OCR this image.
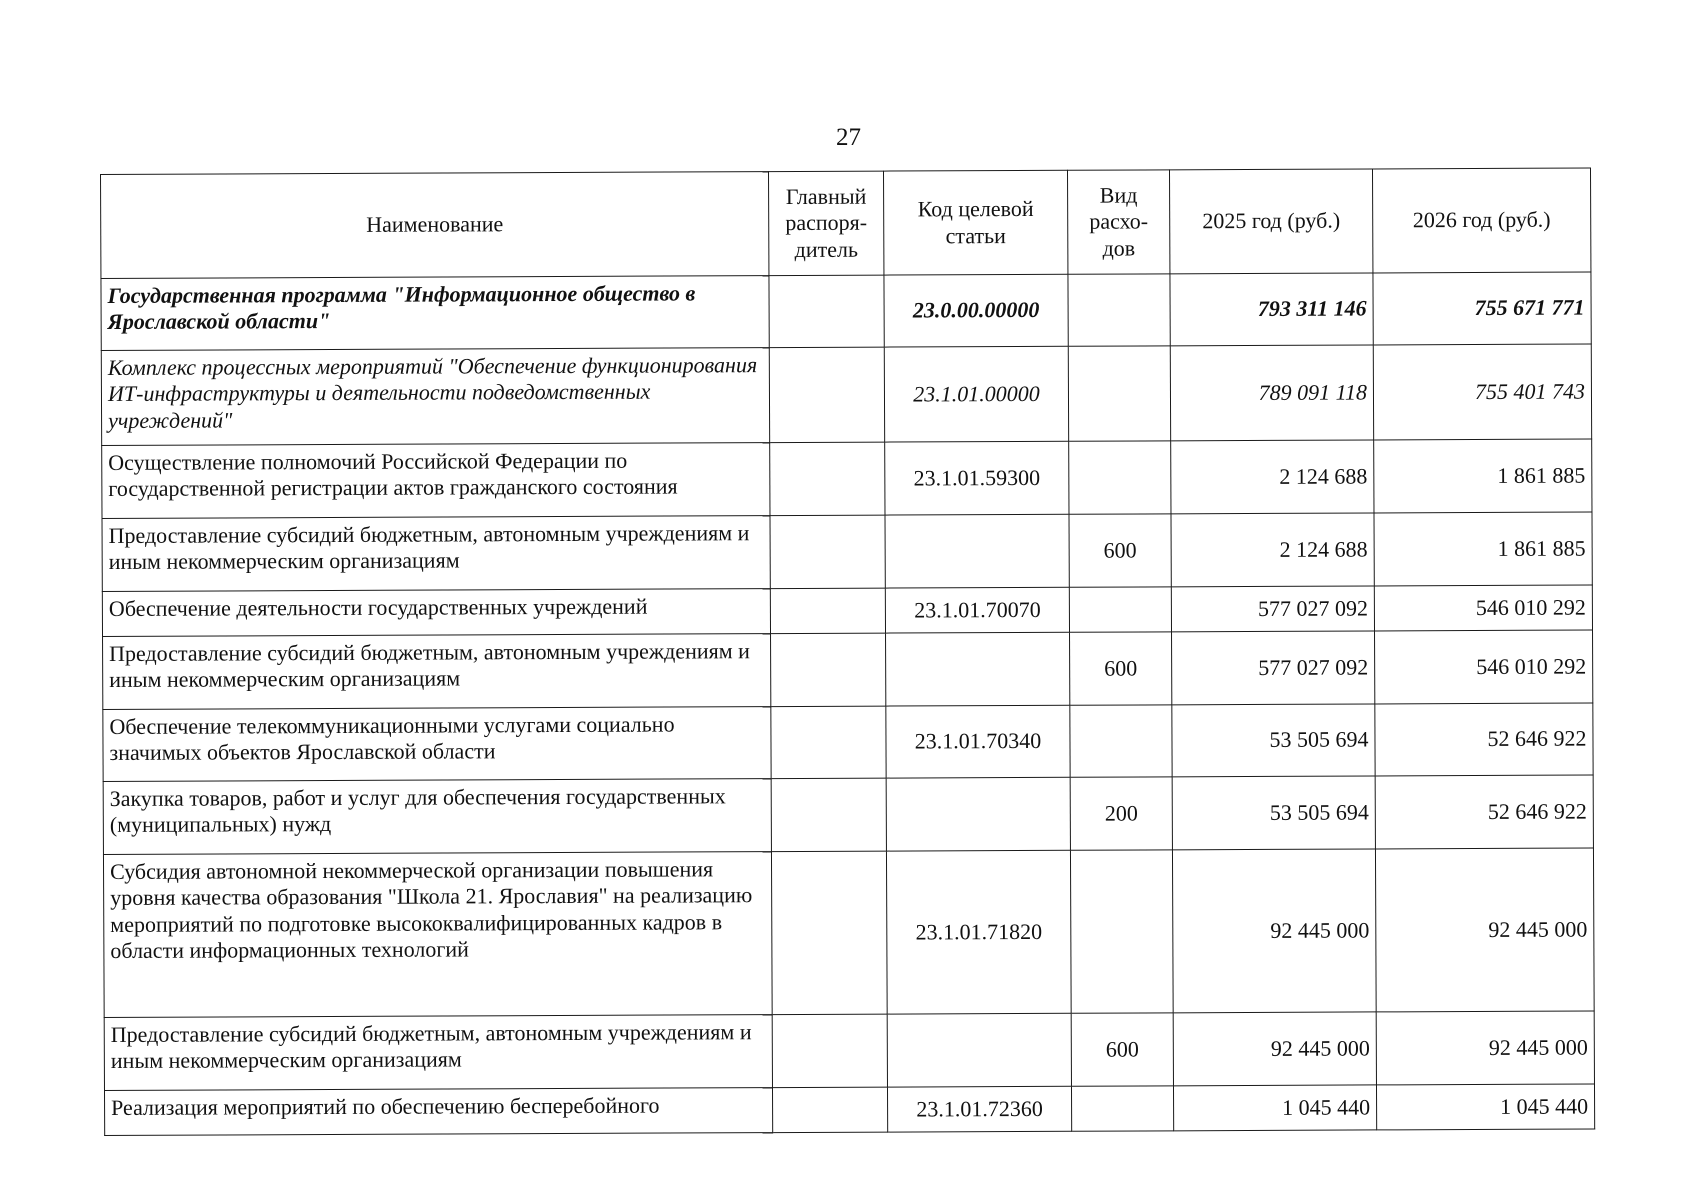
27
Наименование	Главный распоря-дитель	Код целевой статьи	Вид расхо-дов	2025 год (руб.)	2026 год (руб.)
Государственная программа "Информационное общество в Ярославской области"		23.0.00.00000		793 311 146	755 671 771
Комплекс процессных мероприятий "Обеспечение функционирования ИТ-инфраструктуры и деятельности подведомственных учреждений"		23.1.01.00000		789 091 118	755 401 743
Осуществление полномочий Российской Федерации по государственной регистрации актов гражданского состояния		23.1.01.59300		2 124 688	1 861 885
Предоставление субсидий бюджетным, автономным учреждениям и иным некоммерческим организациям			600	2 124 688	1 861 885
Обеспечение деятельности государственных учреждений		23.1.01.70070		577 027 092	546 010 292
Предоставление субсидий бюджетным, автономным учреждениям и иным некоммерческим организациям			600	577 027 092	546 010 292
Обеспечение телекоммуникационными услугами социально значимых объектов Ярославской области		23.1.01.70340		53 505 694	52 646 922
Закупка товаров, работ и услуг для обеспечения государственных (муниципальных) нужд			200	53 505 694	52 646 922
Субсидия автономной некоммерческой организации повышения уровня качества образования "Школа 21. Ярославия" на реализацию мероприятий по подготовке высококвалифицированных кадров в области информационных технологий		23.1.01.71820		92 445 000	92 445 000
Предоставление субсидий бюджетным, автономным учреждениям и иным некоммерческим организациям			600	92 445 000	92 445 000
Реализация мероприятий по обеспечению бесперебойного		23.1.01.72360		1 045 440	1 045 440
